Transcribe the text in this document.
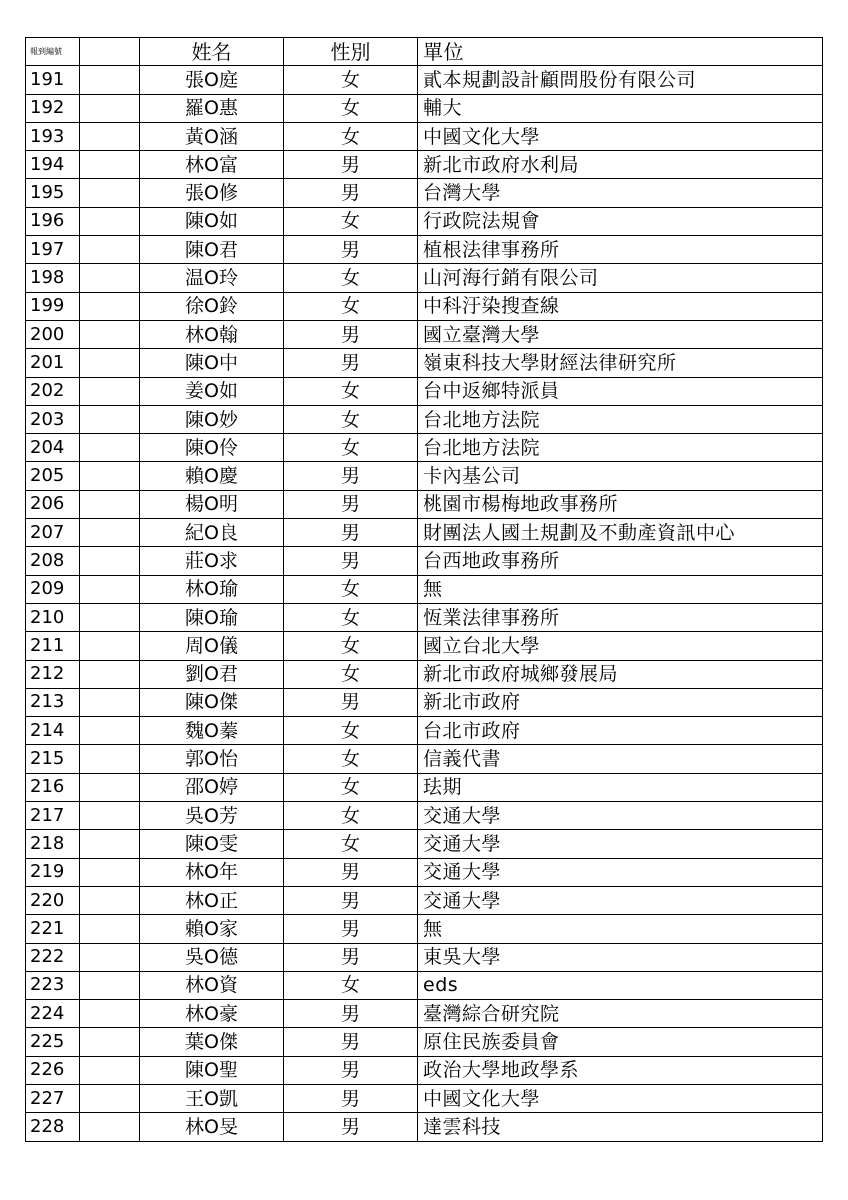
報到編號		姓名	性別	單位
191		張O庭	女	貳本規劃設計顧問股份有限公司
192		羅O惠	女	輔大
193		黃O涵	女	中國文化大學
194		林O富	男	新北市政府水利局
195		張O修	男	台灣大學
196		陳O如	女	行政院法規會
197		陳O君	男	植根法律事務所
198		温O玲	女	山河海行銷有限公司
199		徐O鈴	女	中科汙染搜查線
200		林O翰	男	國立臺灣大學
201		陳O中	男	嶺東科技大學財經法律研究所
202		姜O如	女	台中返鄉特派員
203		陳O妙	女	台北地方法院
204		陳O伶	女	台北地方法院
205		賴O慶	男	卡內基公司
206		楊O明	男	桃園市楊梅地政事務所
207		紀O良	男	財團法人國土規劃及不動產資訊中心
208		莊O求	男	台西地政事務所
209		林O瑜	女	無
210		陳O瑜	女	恆業法律事務所
211		周O儀	女	國立台北大學
212		劉O君	女	新北市政府城鄉發展局
213		陳O傑	男	新北市政府
214		魏O蓁	女	台北市政府
215		郭O怡	女	信義代書
216		邵O婷	女	珐期
217		吳O芳	女	交通大學
218		陳O雯	女	交通大學
219		林O年	男	交通大學
220		林O正	男	交通大學
221		賴O家	男	無
222		吳O德	男	東吳大學
223		林O資	女	eds
224		林O豪	男	臺灣綜合研究院
225		葉O傑	男	原住民族委員會
226		陳O聖	男	政治大學地政學系
227		王O凱	男	中國文化大學
228		林O旻	男	達雲科技
